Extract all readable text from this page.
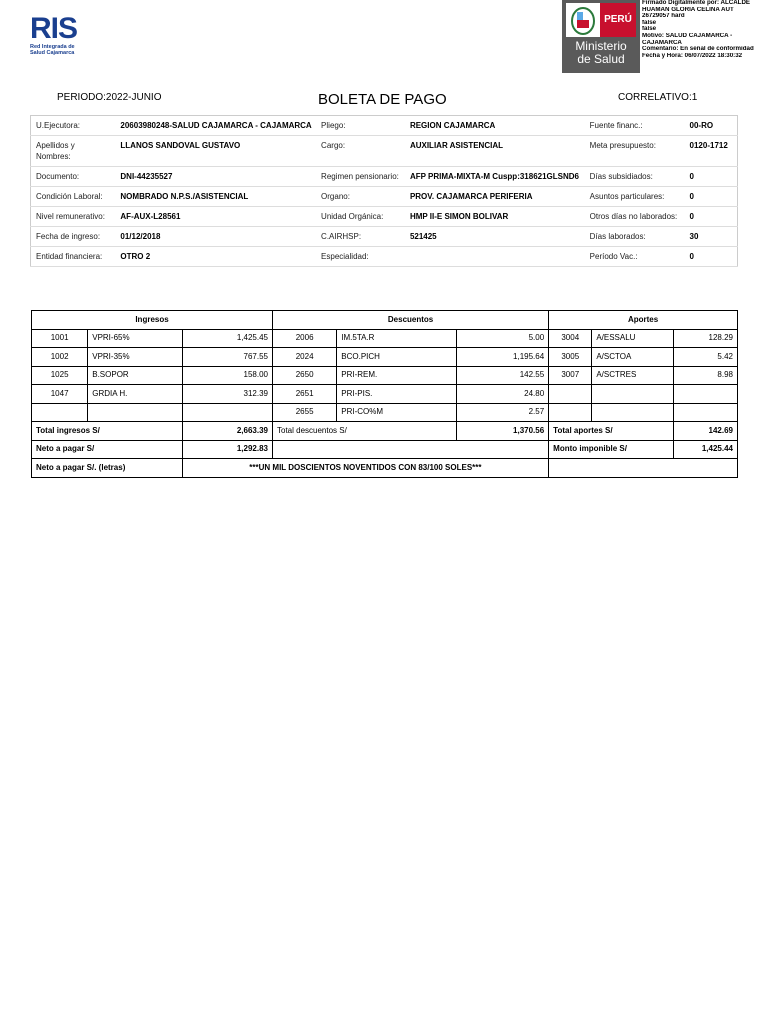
RIS
Red Integrada de
Salud Cajamarca
PERÚ
Ministerio
de Salud
Firmado Digitalmente por: ALCALDE
HUAMAN GLORIA CELINA AUT
26729057 hard
false
false
Motivo: SALUD CAJAMARCA -
CAJAMARCA
Comentario: En señal de conformidad
Fecha y Hora: 06/07/2022 18:30:32
PERIODO:2022-JUNIO	BOLETA DE PAGO	CORRELATIVO:1
U.Ejecutora:	20603980248-SALUD CAJAMARCA - CAJAMARCA	Pliego:	REGION CAJAMARCA	Fuente financ.:	00-RO
Apellidos y Nombres:	LLANOS SANDOVAL GUSTAVO	Cargo:	AUXILIAR ASISTENCIAL	Meta presupuesto:	0120-1712
Documento:	DNI-44235527	Regimen pensionario:	AFP PRIMA-MIXTA-M Cuspp:318621GLSND6	Días subsidiados:	0
Condición Laboral:	NOMBRADO N.P.S./ASISTENCIAL	Organo:	PROV. CAJAMARCA PERIFERIA	Asuntos particulares:	0
Nivel remunerativo:	AF-AUX-L28561	Unidad Orgánica:	HMP II-E SIMON BOLIVAR	Otros días no laborados:	0
Fecha de ingreso:	01/12/2018	C.AIRHSP:	521425	Días laborados:	30
Entidad financiera:	OTRO 2	Especialidad:		Período Vac.:	0
Ingresos			Descuentos			Aportes		
1001	VPRI-65%	1,425.45	2006	IM.5TA.R	5.00	3004	A/ESSALU	128.29
1002	VPRI-35%	767.55	2024	BCO.PICH	1,195.64	3005	A/SCTOA	5.42
1025	B.SOPOR	158.00	2650	PRI-REM.	142.55	3007	A/SCTRES	8.98
1047	GRDIA H.	312.39	2651	PRI-PIS.	24.80			
			2655	PRI-CO%M	2.57			
Total ingresos S/		2,663.39	Total descuentos S/		1,370.56	Total aportes S/		142.69
Neto a pagar S/		1,292.83				Monto imponible S/		1,425.44
Neto a pagar S/. (letras)		***UN MIL DOSCIENTOS NOVENTIDOS CON 83/100 SOLES***						
